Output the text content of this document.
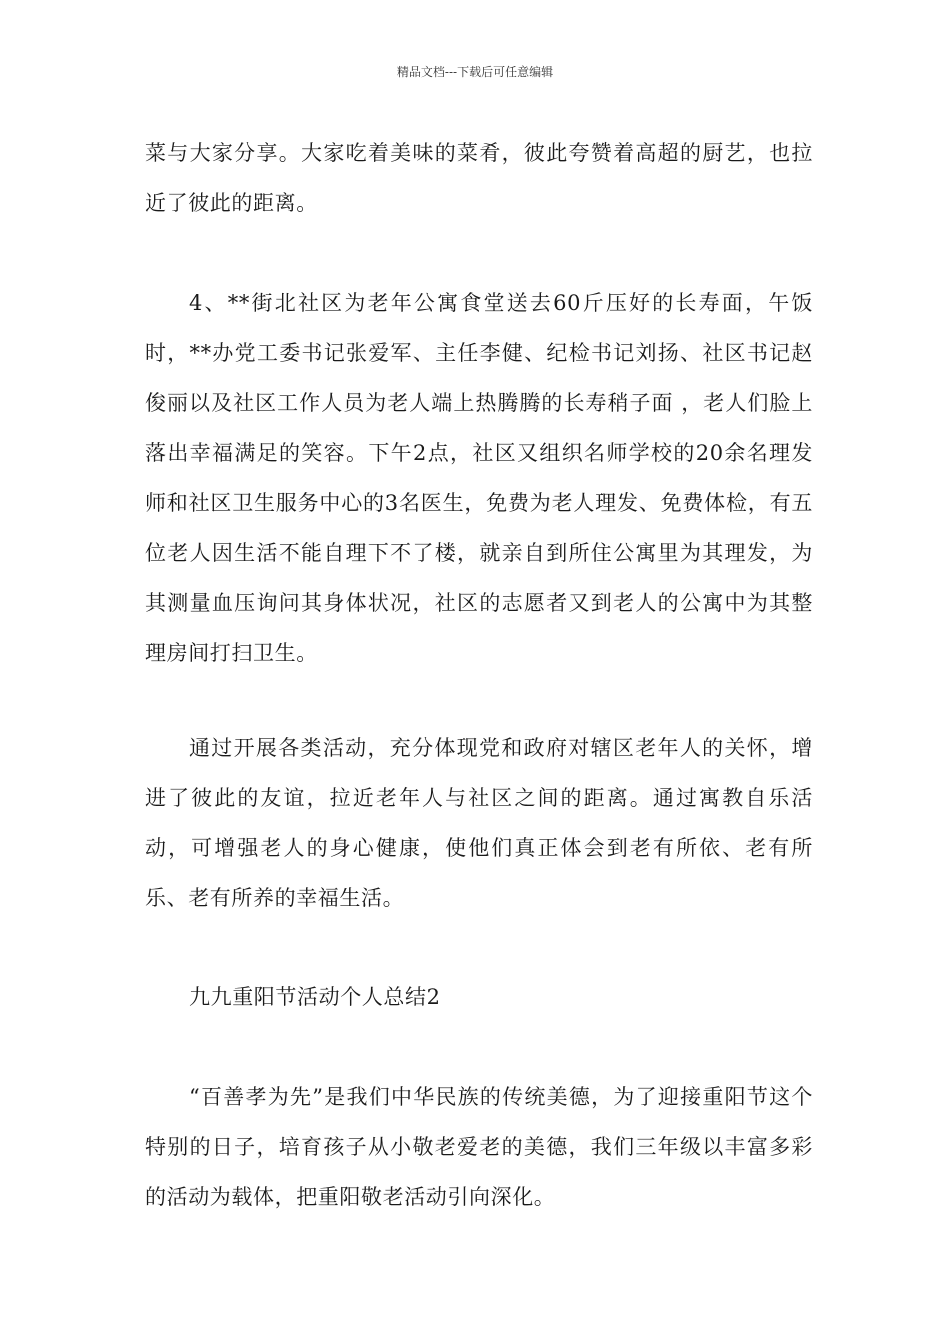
精品文档---下载后可任意编辑

菜与大家分享。大家吃着美味的菜肴，彼此夸赞着高超的厨艺，也拉近了彼此的距离。

4、**街北社区为老年公寓食堂送去60斤压好的长寿面，午饭时，**办党工委书记张爱军、主任李健、纪检书记刘扬、社区书记赵俊丽以及社区工作人员为老人端上热腾腾的长寿稍子面 ，老人们脸上落出幸福满足的笑容。下午2点，社区又组织名师学校的20余名理发师和社区卫生服务中心的3名医生，免费为老人理发、免费体检，有五位老人因生活不能自理下不了楼，就亲自到所住公寓里为其理发，为其测量血压询问其身体状况，社区的志愿者又到老人的公寓中为其整理房间打扫卫生。

通过开展各类活动，充分体现党和政府对辖区老年人的关怀，增进了彼此的友谊，拉近老年人与社区之间的距离。通过寓教自乐活动，可增强老人的身心健康，使他们真正体会到老有所依、老有所乐、老有所养的幸福生活。

九九重阳节活动个人总结2

“百善孝为先”是我们中华民族的传统美德，为了迎接重阳节这个特别的日子，培育孩子从小敬老爱老的美德，我们三年级以丰富多彩的活动为载体，把重阳敬老活动引向深化。
